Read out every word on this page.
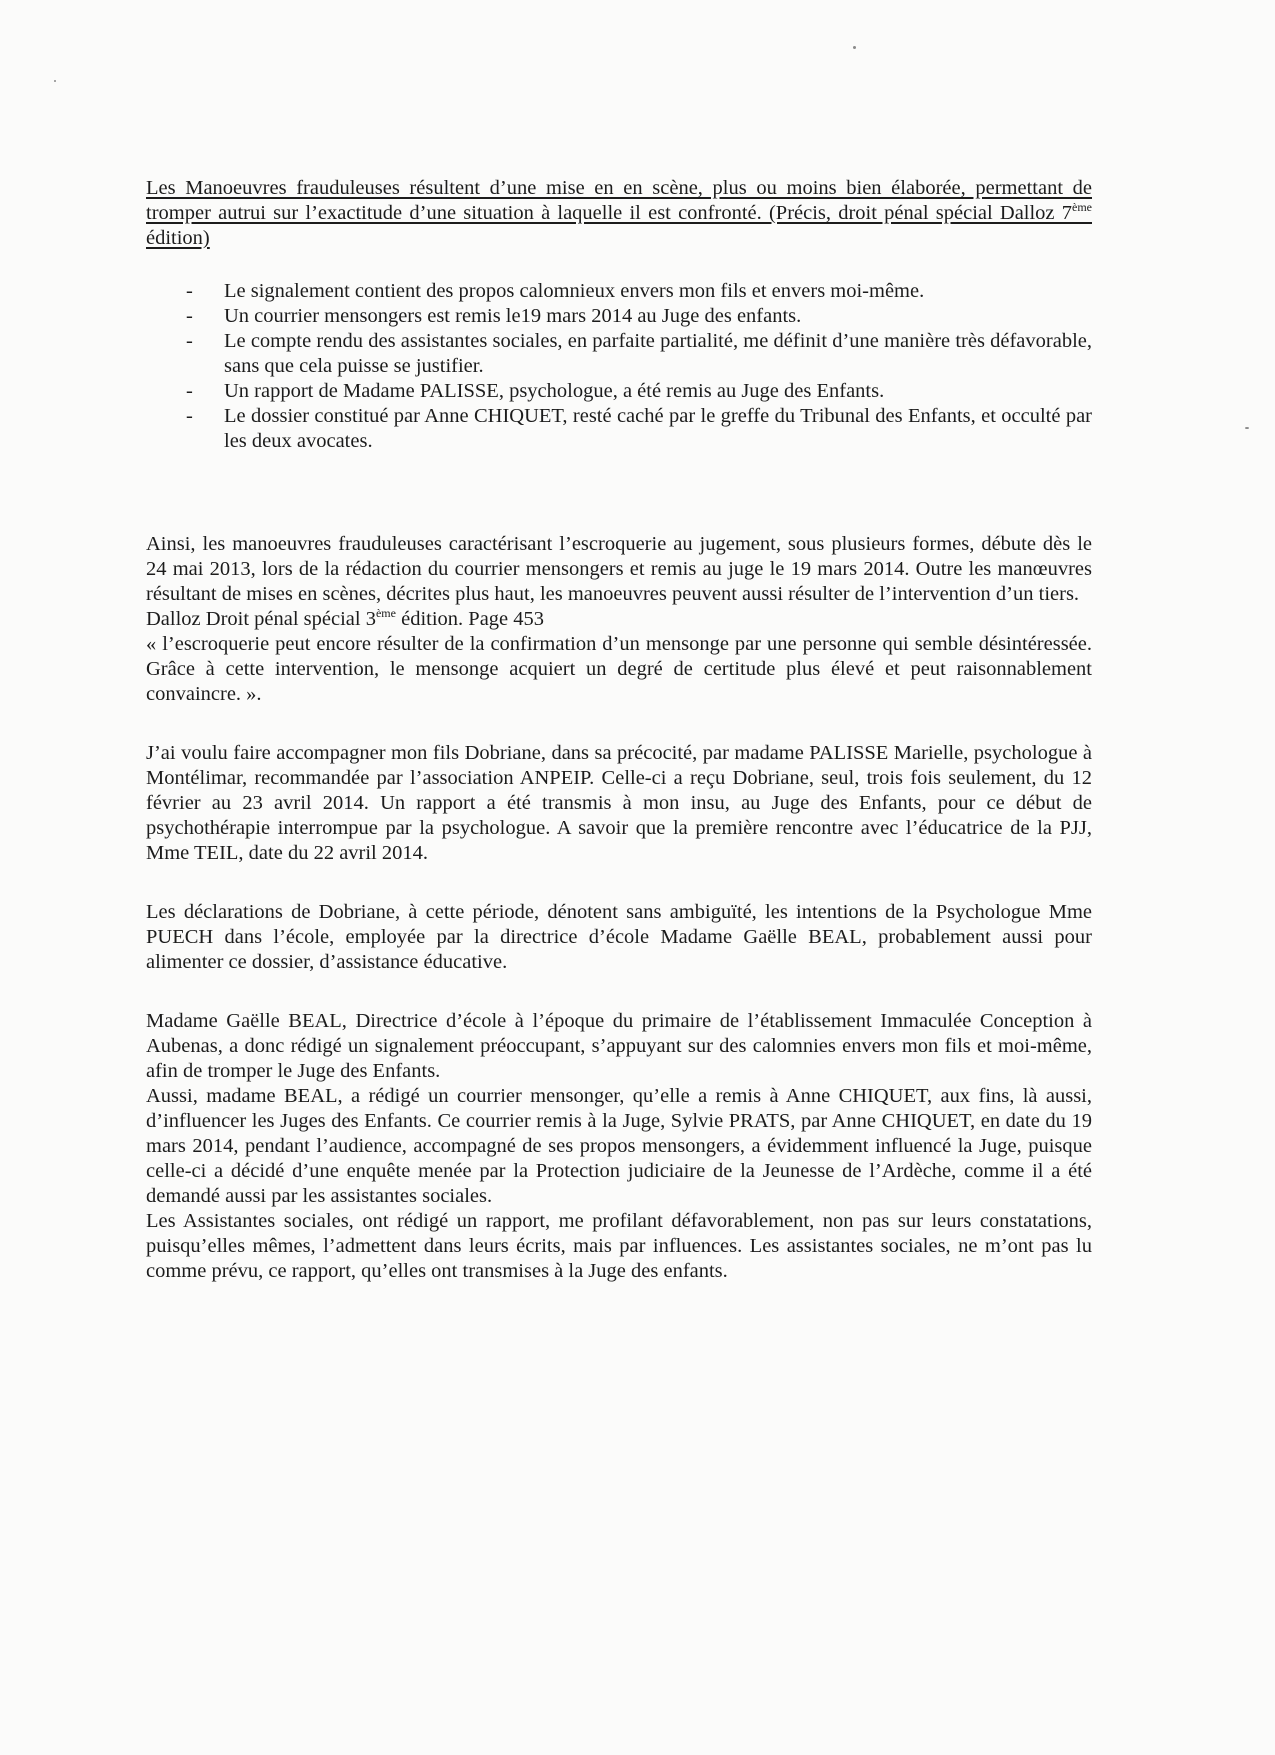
Les Manoeuvres frauduleuses résultent d’une mise en en scène, plus ou moins bien élaborée, permettant de tromper autrui sur l’exactitude d’une situation à laquelle il est confronté. (Précis, droit pénal spécial Dalloz 7ème édition)

- Le signalement contient des propos calomnieux envers mon fils et envers moi-même.
- Un courrier mensongers est remis le19 mars 2014 au Juge des enfants.
- Le compte rendu des assistantes sociales, en parfaite partialité, me définit d’une manière très défavorable, sans que cela puisse se justifier.
- Un rapport de Madame PALISSE, psychologue, a été remis au Juge des Enfants.
- Le dossier constitué par Anne CHIQUET, resté caché par le greffe du Tribunal des Enfants, et occulté par les deux avocates.

Ainsi, les manoeuvres frauduleuses caractérisant l’escroquerie au jugement, sous plusieurs formes, débute dès le 24 mai 2013, lors de la rédaction du courrier mensongers et remis au juge le 19 mars 2014. Outre les manœuvres résultant de mises en scènes, décrites plus haut, les manoeuvres peuvent aussi résulter de l’intervention d’un tiers.

Dalloz Droit pénal spécial 3ème édition. Page 453

« l’escroquerie peut encore résulter de la confirmation d’un mensonge par une personne qui semble désintéressée. Grâce à cette intervention, le mensonge acquiert un degré de certitude plus élevé et peut raisonnablement convaincre. ».

J’ai voulu faire accompagner mon fils Dobriane, dans sa précocité, par madame PALISSE Marielle, psychologue à Montélimar, recommandée par l’association ANPEIP. Celle-ci a reçu Dobriane, seul, trois fois seulement, du 12 février au 23 avril 2014. Un rapport a été transmis à mon insu, au Juge des Enfants, pour ce début de psychothérapie interrompue par la psychologue. A savoir que la première rencontre avec l’éducatrice de la PJJ, Mme TEIL, date du 22 avril 2014.

Les déclarations de Dobriane, à cette période, dénotent sans ambiguïté, les intentions de la Psychologue Mme PUECH dans l’école, employée par la directrice d’école Madame Gaëlle BEAL, probablement aussi pour alimenter ce dossier, d’assistance éducative.

Madame Gaëlle BEAL, Directrice d’école à l’époque du primaire de l’établissement Immaculée Conception à Aubenas, a donc rédigé un signalement préoccupant, s’appuyant sur des calomnies envers mon fils et moi-même, afin de tromper le Juge des Enfants.

Aussi, madame BEAL, a rédigé un courrier mensonger, qu’elle a remis à Anne CHIQUET, aux fins, là aussi, d’influencer les Juges des Enfants. Ce courrier remis à la Juge, Sylvie PRATS, par Anne CHIQUET, en date du 19 mars 2014, pendant l’audience, accompagné de ses propos mensongers, a évidemment influencé la Juge, puisque celle-ci a décidé d’une enquête menée par la Protection judiciaire de la Jeunesse de l’Ardèche, comme il a été demandé aussi par les assistantes sociales.

Les Assistantes sociales, ont rédigé un rapport, me profilant défavorablement, non pas sur leurs constatations, puisqu’elles mêmes, l’admettent dans leurs écrits, mais par influences. Les assistantes sociales, ne m’ont pas lu comme prévu, ce rapport, qu’elles ont transmises à la Juge des enfants.
